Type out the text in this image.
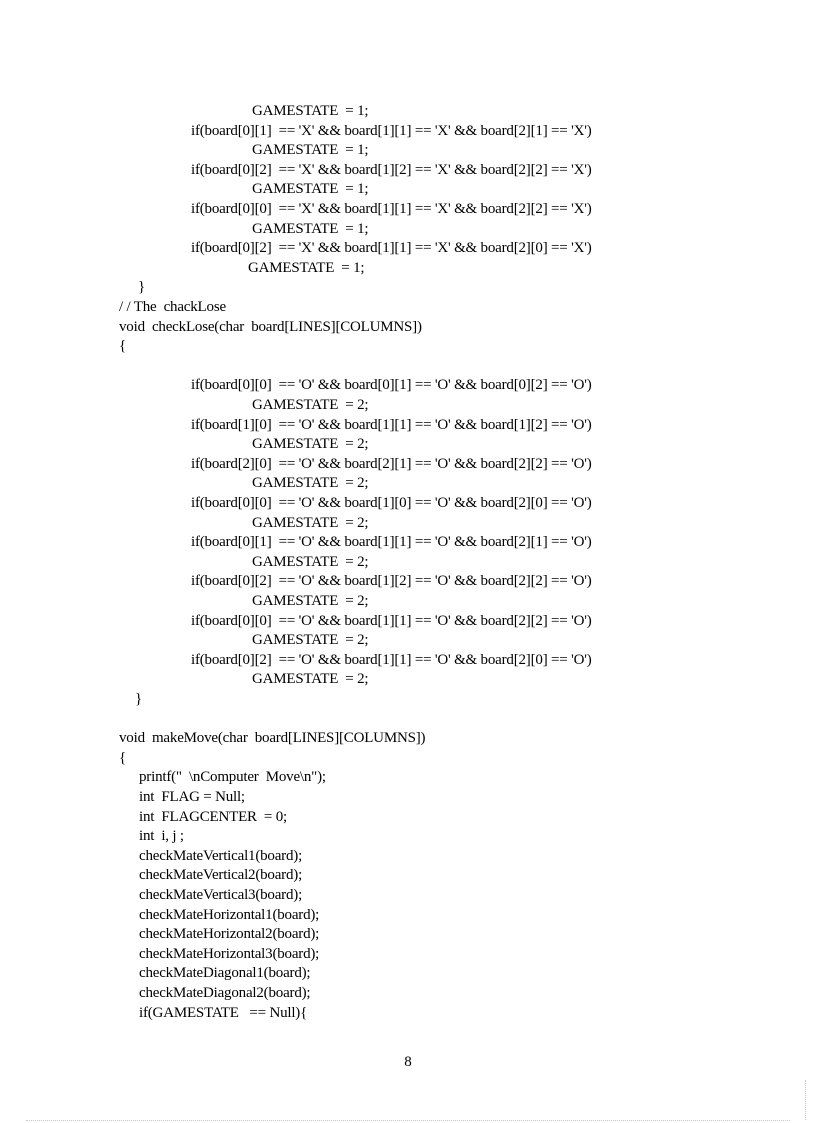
GAMESTATE  = 1;
if(board[0][1]  == 'X' && board[1][1] == 'X' && board[2][1] == 'X')
GAMESTATE  = 1;
if(board[0][2]  == 'X' && board[1][2] == 'X' && board[2][2] == 'X')
GAMESTATE  = 1;
if(board[0][0]  == 'X' && board[1][1] == 'X' && board[2][2] == 'X')
GAMESTATE  = 1;
if(board[0][2]  == 'X' && board[1][1] == 'X' && board[2][0] == 'X')
GAMESTATE  = 1;
}
/ / The  chackLose
void  checkLose(char  board[LINES][COLUMNS])
{
if(board[0][0]  == 'O' && board[0][1] == 'O' && board[0][2] == 'O')
GAMESTATE  = 2;
if(board[1][0]  == 'O' && board[1][1] == 'O' && board[1][2] == 'O')
GAMESTATE  = 2;
if(board[2][0]  == 'O' && board[2][1] == 'O' && board[2][2] == 'O')
GAMESTATE  = 2;
if(board[0][0]  == 'O' && board[1][0] == 'O' && board[2][0] == 'O')
GAMESTATE  = 2;
if(board[0][1]  == 'O' && board[1][1] == 'O' && board[2][1] == 'O')
GAMESTATE  = 2;
if(board[0][2]  == 'O' && board[1][2] == 'O' && board[2][2] == 'O')
GAMESTATE  = 2;
if(board[0][0]  == 'O' && board[1][1] == 'O' && board[2][2] == 'O')
GAMESTATE  = 2;
if(board[0][2]  == 'O' && board[1][1] == 'O' && board[2][0] == 'O')
GAMESTATE  = 2;
}
void  makeMove(char  board[LINES][COLUMNS])
{
printf("  \nComputer  Move\n");
int  FLAG = Null;
int  FLAGCENTER  = 0;
int  i, j ;
checkMateVertical1(board);
checkMateVertical2(board);
checkMateVertical3(board);
checkMateHorizontal1(board);
checkMateHorizontal2(board);
checkMateHorizontal3(board);
checkMateDiagonal1(board);
checkMateDiagonal2(board);
if(GAMESTATE   == Null){
8
